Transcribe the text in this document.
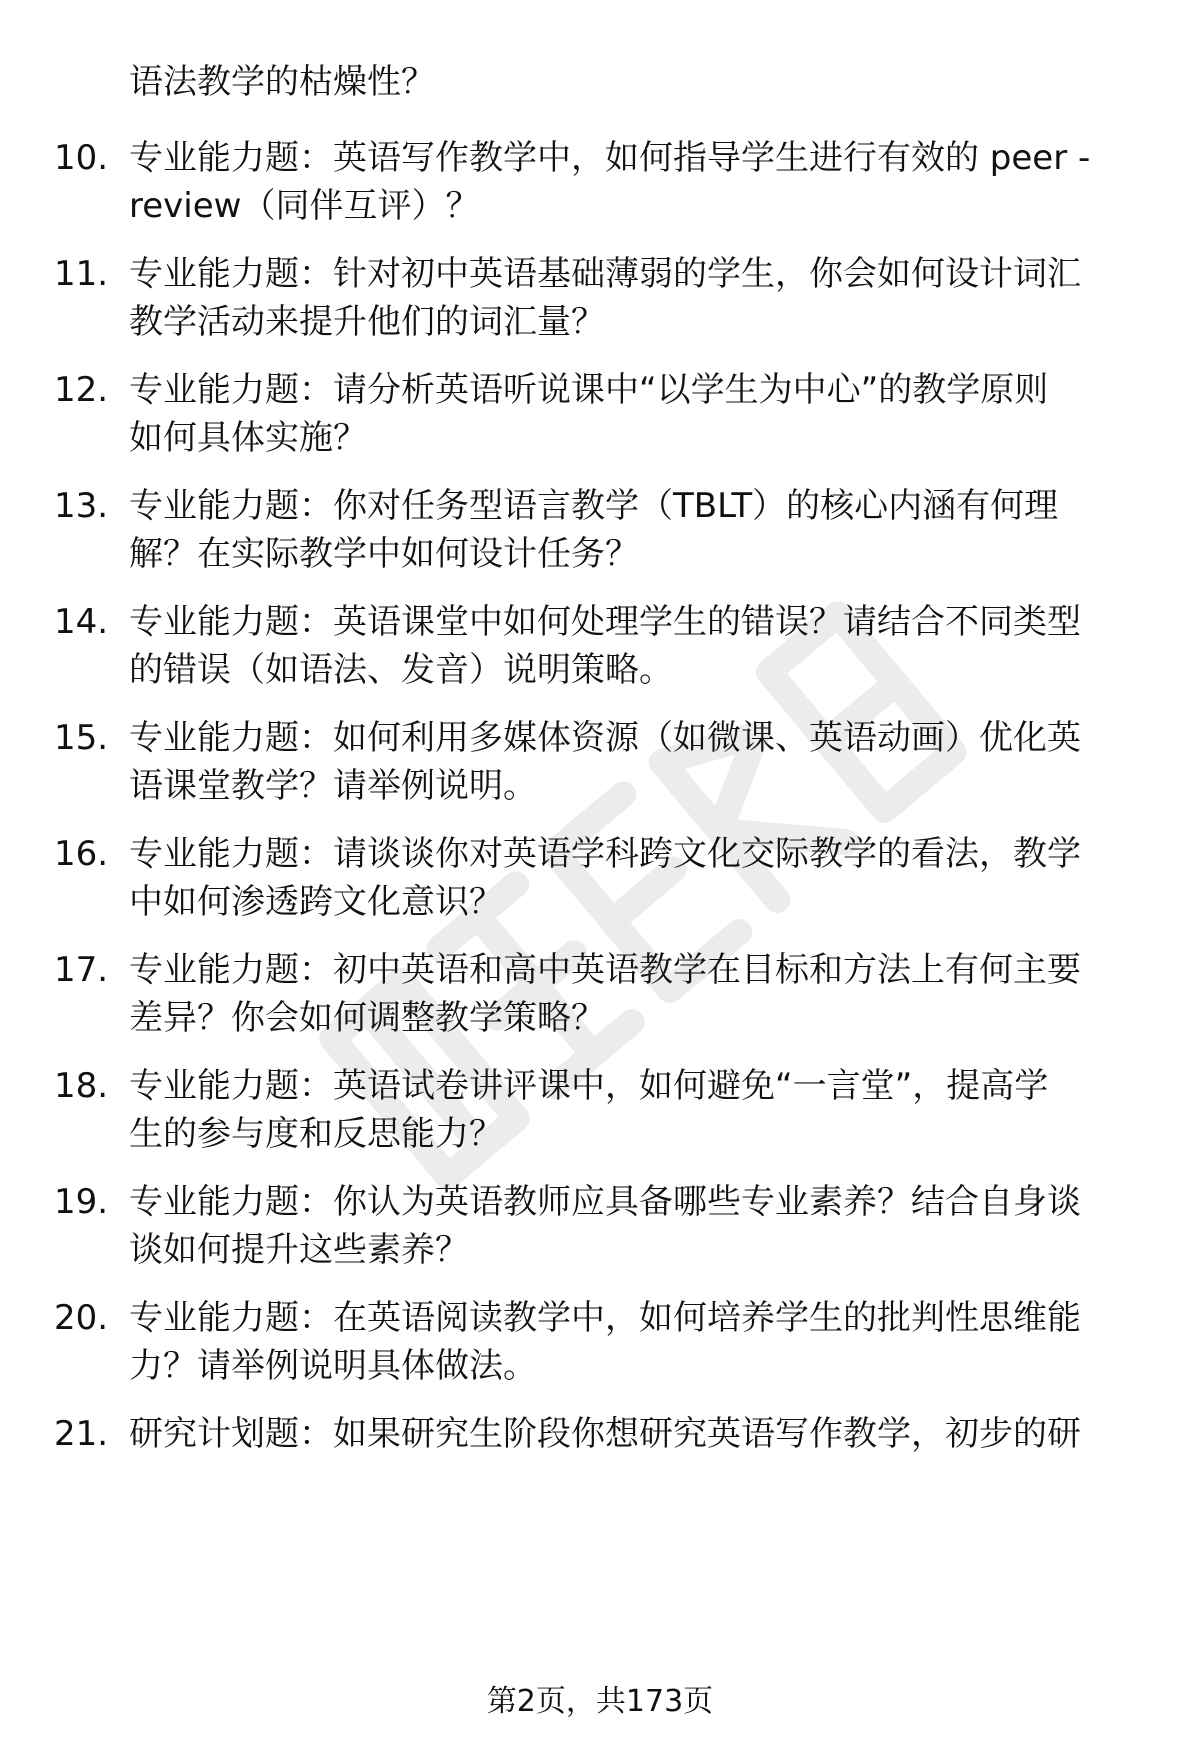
语法教学的枯燥性？
10. 专业能力题：英语写作教学中，如何指导学生进行有效的 peer -
review（同伴互评）？
11. 专业能力题：针对初中英语基础薄弱的学生，你会如何设计词汇
教学活动来提升他们的词汇量？
12. 专业能力题：请分析英语听说课中“以学生为中心”的教学原则
如何具体实施？
13. 专业能力题：你对任务型语言教学（TBLT）的核心内涵有何理
解？在实际教学中如何设计任务？
14. 专业能力题：英语课堂中如何处理学生的错误？请结合不同类型
的错误（如语法、发音）说明策略。
15. 专业能力题：如何利用多媒体资源（如微课、英语动画）优化英
语课堂教学？请举例说明。
16. 专业能力题：请谈谈你对英语学科跨文化交际教学的看法，教学
中如何渗透跨文化意识？
17. 专业能力题：初中英语和高中英语教学在目标和方法上有何主要
差异？你会如何调整教学策略？
18. 专业能力题：英语试卷讲评课中，如何避免“一言堂”，提高学
生的参与度和反思能力？
19. 专业能力题：你认为英语教师应具备哪些专业素养？结合自身谈
谈如何提升这些素养？
20. 专业能力题：在英语阅读教学中，如何培养学生的批判性思维能
力？请举例说明具体做法。
21. 研究计划题：如果研究生阶段你想研究英语写作教学，初步的研
第2页，共173页
